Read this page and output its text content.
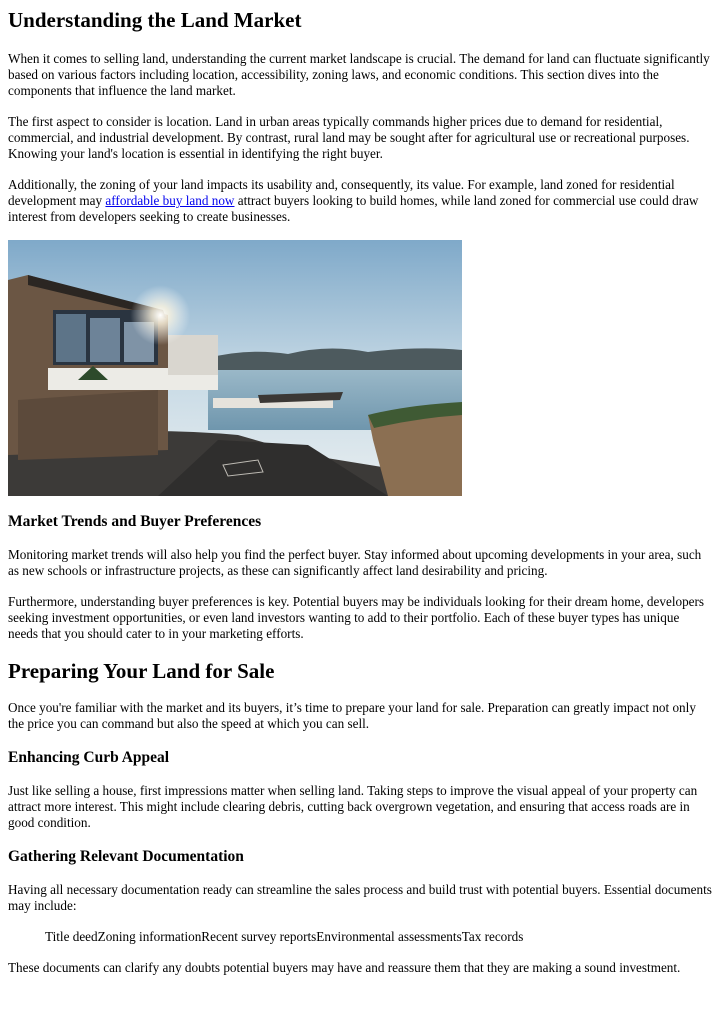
Understanding the Land Market

When it comes to selling land, understanding the current market landscape is crucial. The demand for land can fluctuate significantly based on various factors including location, accessibility, zoning laws, and economic conditions. This section dives into the components that influence the land market.

The first aspect to consider is location. Land in urban areas typically commands higher prices due to demand for residential, commercial, and industrial development. By contrast, rural land may be sought after for agricultural use or recreational purposes. Knowing your land's location is essential in identifying the right buyer.

Additionally, the zoning of your land impacts its usability and, consequently, its value. For example, land zoned for residential development may affordable buy land now attract buyers looking to build homes, while land zoned for commercial use could draw interest from developers seeking to create businesses.

Market Trends and Buyer Preferences

Monitoring market trends will also help you find the perfect buyer. Stay informed about upcoming developments in your area, such as new schools or infrastructure projects, as these can significantly affect land desirability and pricing.

Furthermore, understanding buyer preferences is key. Potential buyers may be individuals looking for their dream home, developers seeking investment opportunities, or even land investors wanting to add to their portfolio. Each of these buyer types has unique needs that you should cater to in your marketing efforts.

Preparing Your Land for Sale

Once you're familiar with the market and its buyers, it’s time to prepare your land for sale. Preparation can greatly impact not only the price you can command but also the speed at which you can sell.

Enhancing Curb Appeal

Just like selling a house, first impressions matter when selling land. Taking steps to improve the visual appeal of your property can attract more interest. This might include clearing debris, cutting back overgrown vegetation, and ensuring that access roads are in good condition.

Gathering Relevant Documentation

Having all necessary documentation ready can streamline the sales process and build trust with potential buyers. Essential documents may include:

Title deedZoning informationRecent survey reportsEnvironmental assessmentsTax records

These documents can clarify any doubts potential buyers may have and reassure them that they are making a sound investment.
